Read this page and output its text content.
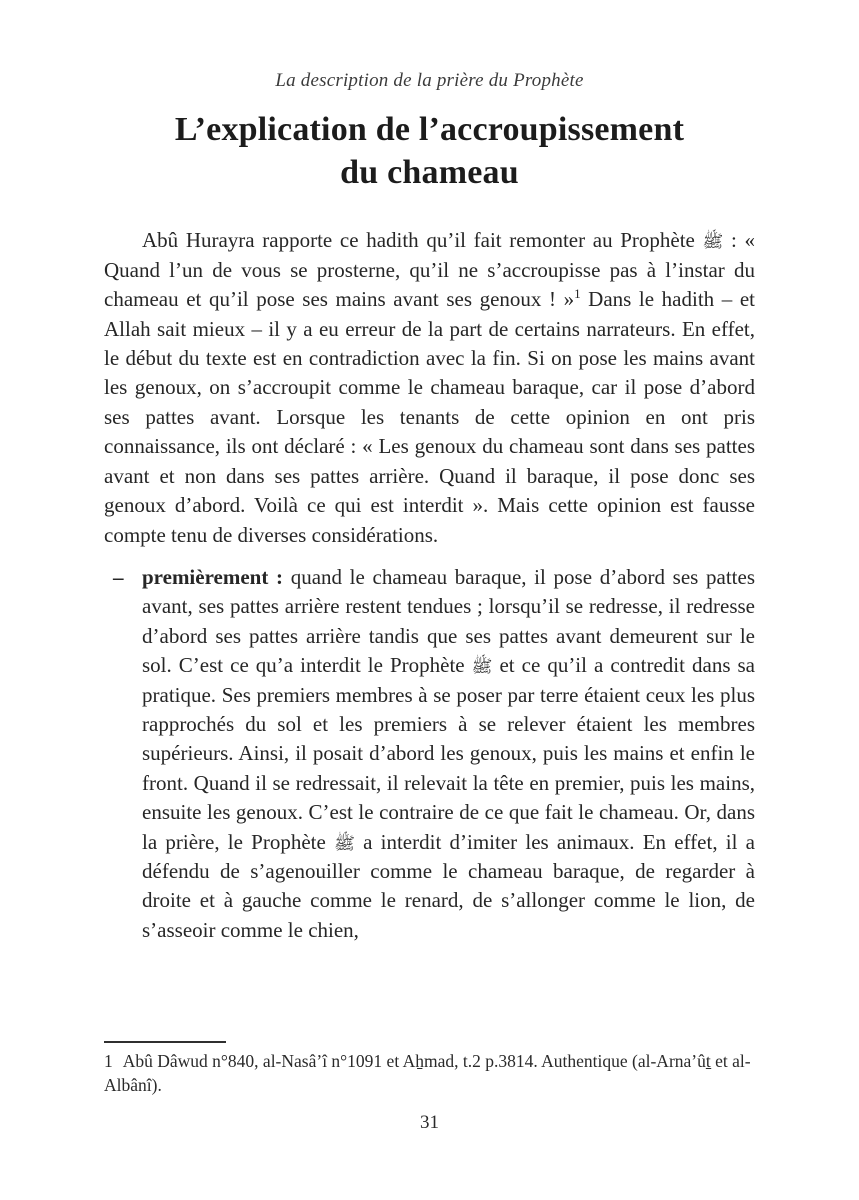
La description de la prière du Prophète
L’explication de l’accroupissement
du chameau

Abû Hurayra rapporte ce hadith qu’il fait remonter au Prophète ﷺ : « Quand l’un de vous se prosterne, qu’il ne s’accroupisse pas à l’instar du chameau et qu’il pose ses mains avant ses genoux ! »$^1$ Dans le hadith – et Allah sait mieux – il y a eu erreur de la part de certains narrateurs. En effet, le début du texte est en contradiction avec la fin. Si on pose les mains avant les genoux, on s’accroupit comme le chameau baraque, car il pose d’abord ses pattes avant. Lorsque les tenants de cette opinion en ont pris connaissance, ils ont déclaré : « Les genoux du chameau sont dans ses pattes avant et non dans ses pattes arrière. Quand il baraque, il pose donc ses genoux d’abord. Voilà ce qui est interdit ». Mais cette opinion est fausse compte tenu de diverses considérations.

– premièrement : quand le chameau baraque, il pose d’abord ses pattes avant, ses pattes arrière restent tendues ; lorsqu’il se redresse, il redresse d’abord ses pattes arrière tandis que ses pattes avant demeurent sur le sol. C’est ce qu’a interdit le Prophète ﷺ et ce qu’il a contredit dans sa pratique. Ses premiers membres à se poser par terre étaient ceux les plus rapprochés du sol et les premiers à se relever étaient les membres supérieurs. Ainsi, il posait d’abord les genoux, puis les mains et enfin le front. Quand il se redressait, il relevait la tête en premier, puis les mains, ensuite les genoux. C’est le contraire de ce que fait le chameau. Or, dans la prière, le Prophète ﷺ a interdit d’imiter les animaux. En effet, il a défendu de s’agenouiller comme le chameau baraque, de regarder à droite et à gauche comme le renard, de s’allonger comme le lion, de s’asseoir comme le chien,
1 Abû Dâwud n°840, al-Nasâ’î n°1091 et Aẖmad, t.2 p.3814. Authentique (al-Arna’ûṯ et al-Albânî).
31
